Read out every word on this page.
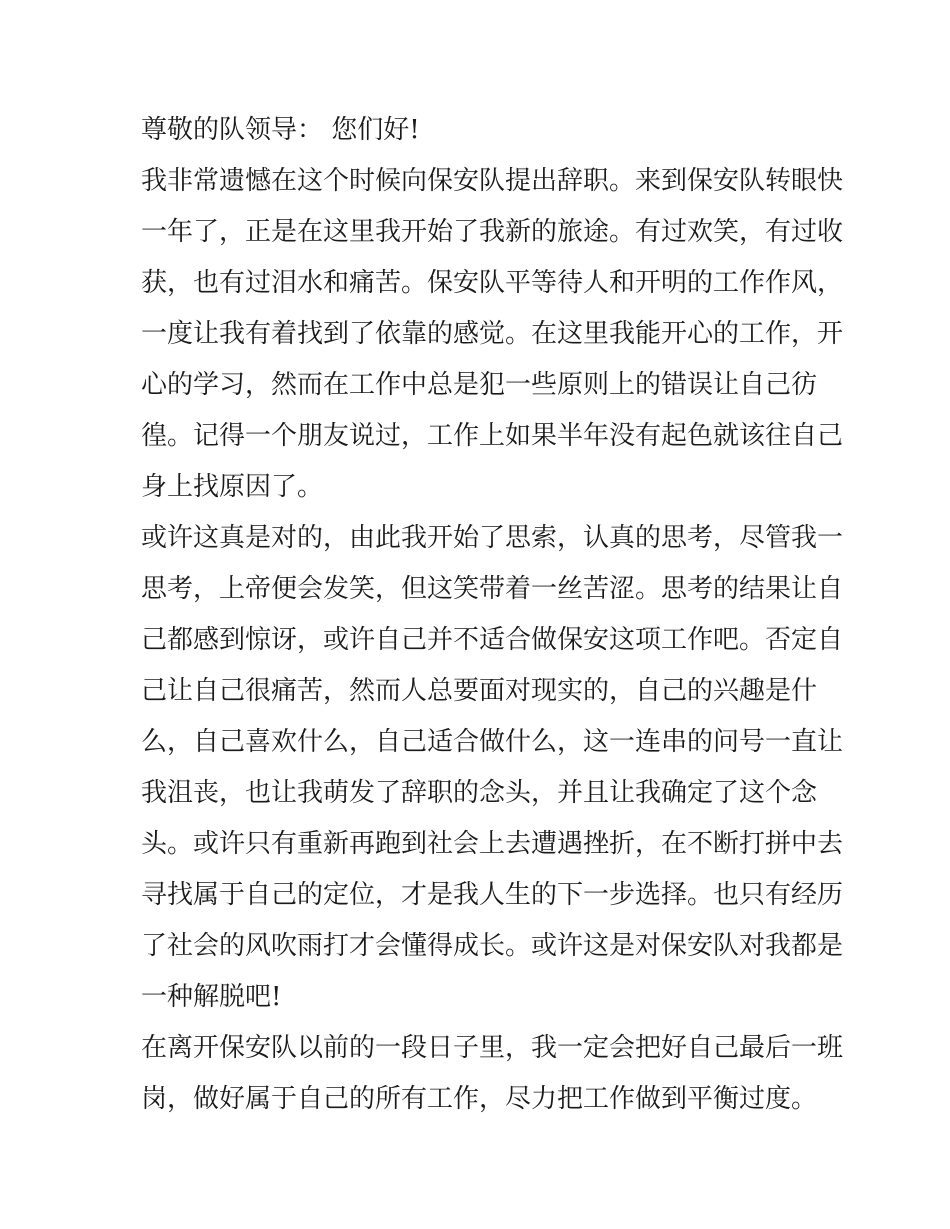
尊敬的队领导： 您们好!
我非常遗憾在这个时候向保安队提出辞职。来到保安队转眼快
一年了，正是在这里我开始了我新的旅途。有过欢笑，有过收
获，也有过泪水和痛苦。保安队平等待人和开明的工作作风，
一度让我有着找到了依靠的感觉。在这里我能开心的工作，开
心的学习，然而在工作中总是犯一些原则上的错误让自己彷
徨。记得一个朋友说过，工作上如果半年没有起色就该往自己
身上找原因了。
或许这真是对的，由此我开始了思索，认真的思考，尽管我一
思考，上帝便会发笑，但这笑带着一丝苦涩。思考的结果让自
己都感到惊讶，或许自己并不适合做保安这项工作吧。否定自
己让自己很痛苦，然而人总要面对现实的，自己的兴趣是什
么，自己喜欢什么，自己适合做什么，这一连串的问号一直让
我沮丧，也让我萌发了辞职的念头，并且让我确定了这个念
头。或许只有重新再跑到社会上去遭遇挫折，在不断打拼中去
寻找属于自己的定位，才是我人生的下一步选择。也只有经历
了社会的风吹雨打才会懂得成长。或许这是对保安队对我都是
一种解脱吧!
在离开保安队以前的一段日子里，我一定会把好自己最后一班
岗，做好属于自己的所有工作，尽力把工作做到平衡过度。
